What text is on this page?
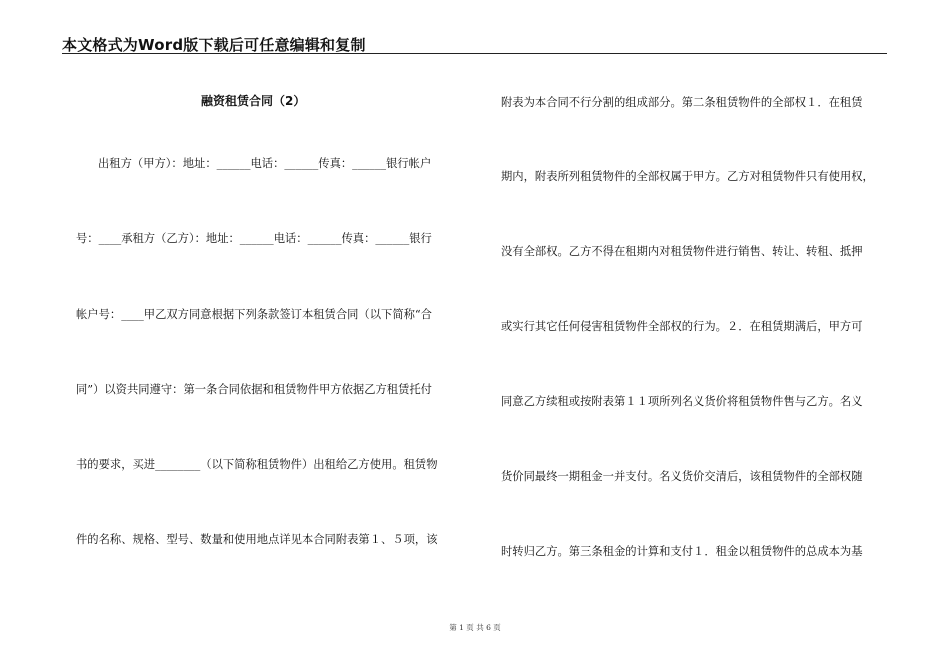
本文格式为Word版下载后可任意编辑和复制
融资租赁合同（2）
出租方（甲方）：地址：______电话：______传真：______银行帐户
号：____承租方（乙方）：地址：______电话：______传真：______银行
帐户号：____甲乙双方同意根据下列条款签订本租赁合同（以下简称“合
同”）以资共同遵守：第一条合同依据和租赁物件甲方依据乙方租赁托付
书的要求，买进________（以下简称租赁物件）出租给乙方使用。租赁物
件的名称、规格、型号、数量和使用地点详见本合同附表第１、５项，该
附表为本合同不行分割的组成部分。第二条租赁物件的全部权１．在租赁
期内，附表所列租赁物件的全部权属于甲方。乙方对租赁物件只有使用权，
没有全部权。乙方不得在租期内对租赁物件进行销售、转让、转租、抵押
或实行其它任何侵害租赁物件全部权的行为。２．在租赁期满后，甲方可
同意乙方续租或按附表第１１项所列名义货价将租赁物件售与乙方。名义
货价同最终一期租金一并支付。名义货价交清后，该租赁物件的全部权随
时转归乙方。第三条租金的计算和支付１．租金以租赁物件的总成本为基
第 1 页 共 6 页
